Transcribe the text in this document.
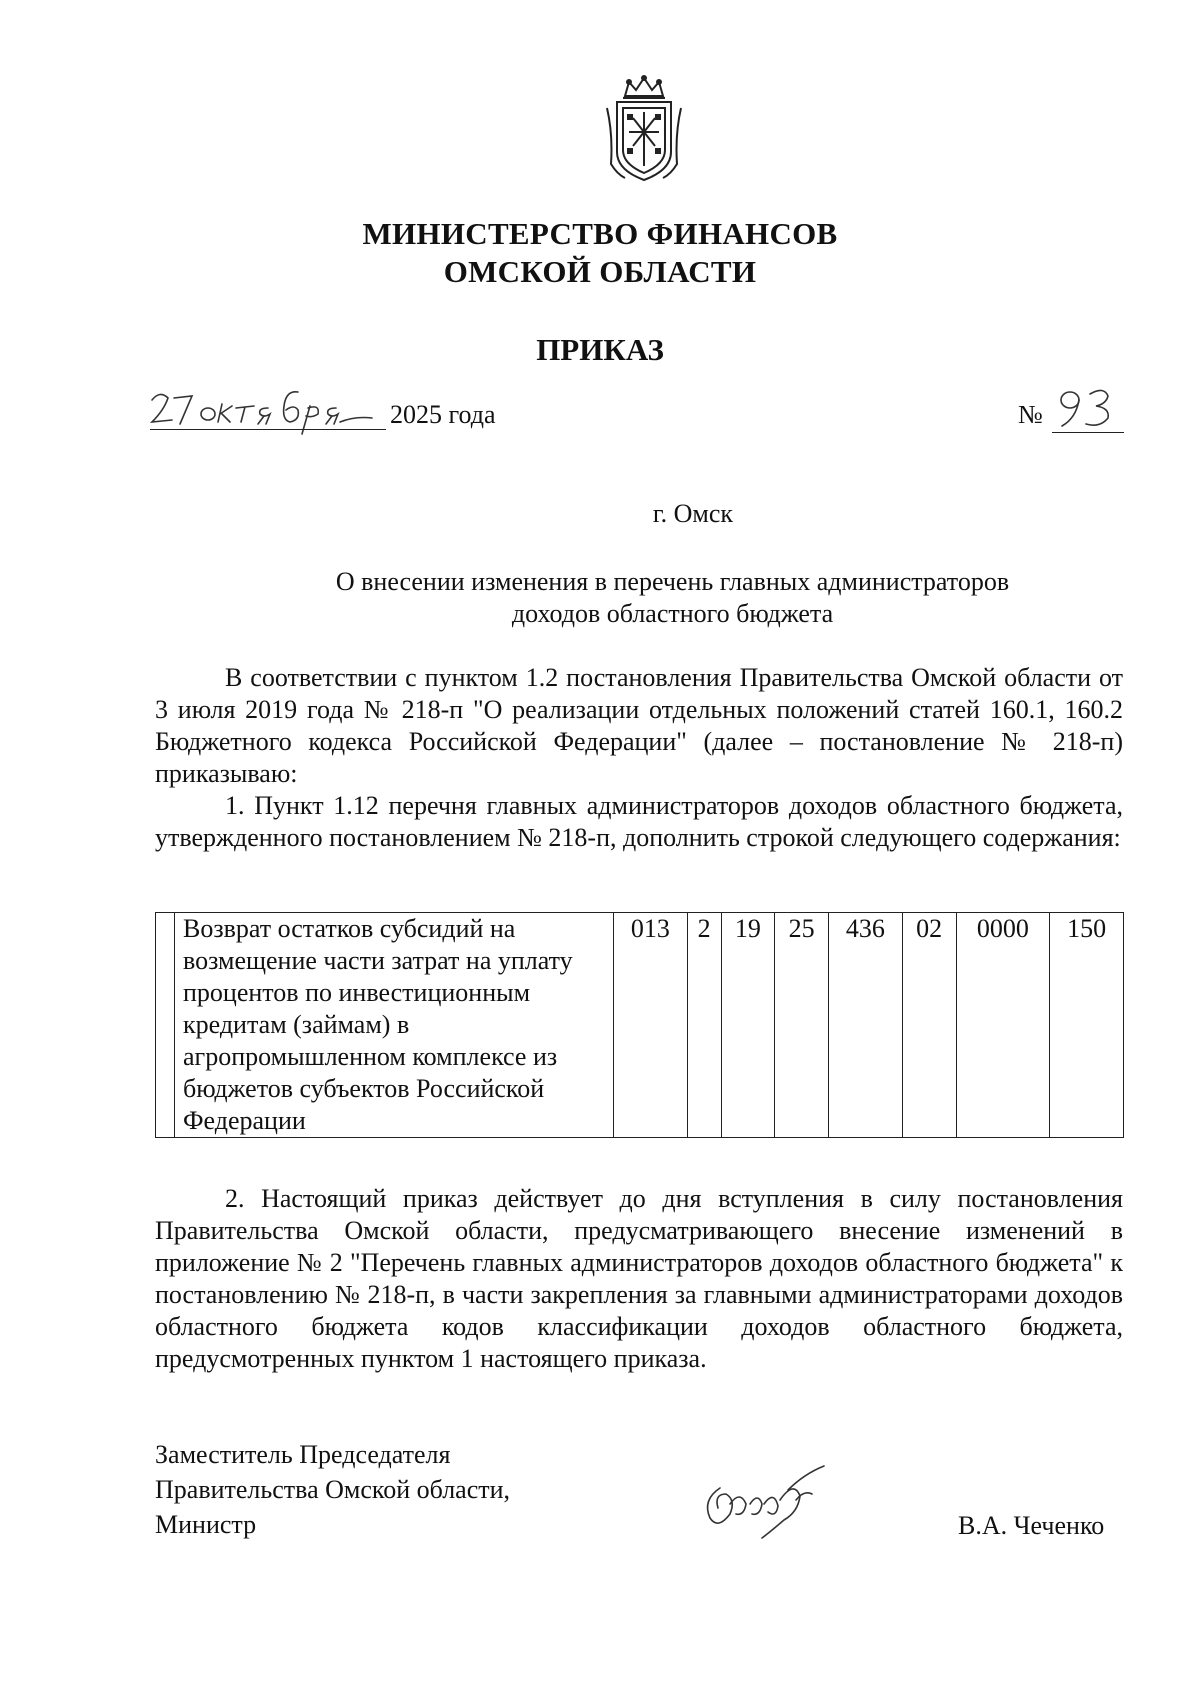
МИНИСТЕРСТВО ФИНАНСОВ
ОМСКОЙ ОБЛАСТИ
ПРИКАЗ
2025 года	№
г. Омск
О внесении изменения в перечень главных администраторов
доходов областного бюджета

В соответствии с пунктом 1.2 постановления Правительства Омской области от 3 июля 2019 года № 218-п "О реализации отдельных положений статей 160.1, 160.2 Бюджетного кодекса Российской Федерации" (далее – постановление № 218-п) приказываю:

1. Пункт 1.12 перечня главных администраторов доходов областного бюджета, утвержденного постановлением № 218-п, дополнить строкой следующего содержания:

	Возврат остатков субсидий на возмещение части затрат на уплату процентов по инвестиционным кредитам (займам) в агропромышленном комплексе из бюджетов субъектов Российской Федерации	013	2	19	25	436	02	0000	150

2. Настоящий приказ действует до дня вступления в силу постановления Правительства Омской области, предусматривающего внесение изменений в приложение № 2 "Перечень главных администраторов доходов областного бюджета" к постановлению № 218-п, в части закрепления за главными администраторами доходов областного бюджета кодов классификации доходов областного бюджета, предусмотренных пунктом 1 настоящего приказа.

Заместитель Председателя
Правительства Омской области,
Министр	В.А. Чеченко
